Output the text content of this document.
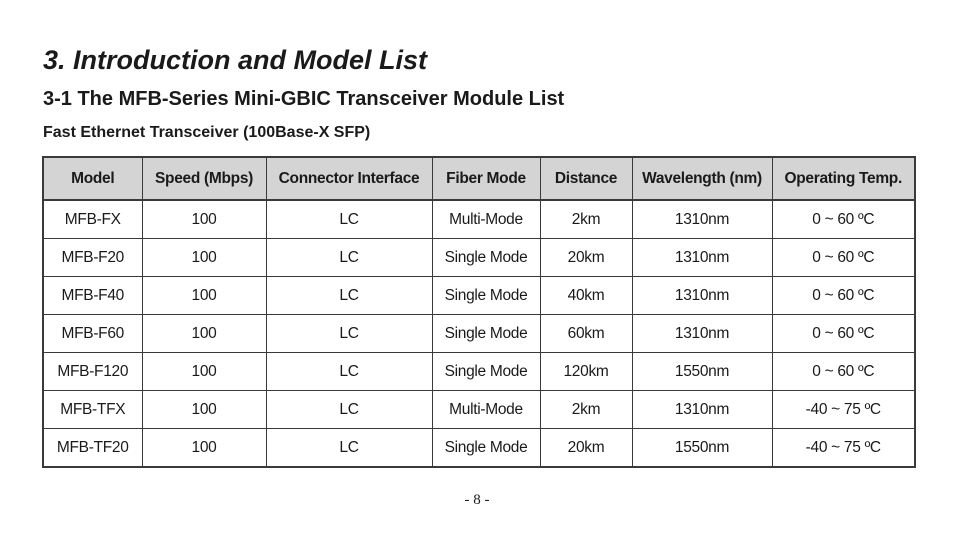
3. Introduction and Model List
3-1 The MFB-Series Mini-GBIC Transceiver Module List
Fast Ethernet Transceiver (100Base-X SFP)
Model	Speed (Mbps)	Connector Interface	Fiber Mode	Distance	Wavelength (nm)	Operating Temp.
MFB-FX	100	LC	Multi-Mode	2km	1310nm	0 ~ 60 ºC
MFB-F20	100	LC	Single Mode	20km	1310nm	0 ~ 60 ºC
MFB-F40	100	LC	Single Mode	40km	1310nm	0 ~ 60 ºC
MFB-F60	100	LC	Single Mode	60km	1310nm	0 ~ 60 ºC
MFB-F120	100	LC	Single Mode	120km	1550nm	0 ~ 60 ºC
MFB-TFX	100	LC	Multi-Mode	2km	1310nm	-40 ~ 75 ºC
MFB-TF20	100	LC	Single Mode	20km	1550nm	-40 ~ 75 ºC
- 8 -
